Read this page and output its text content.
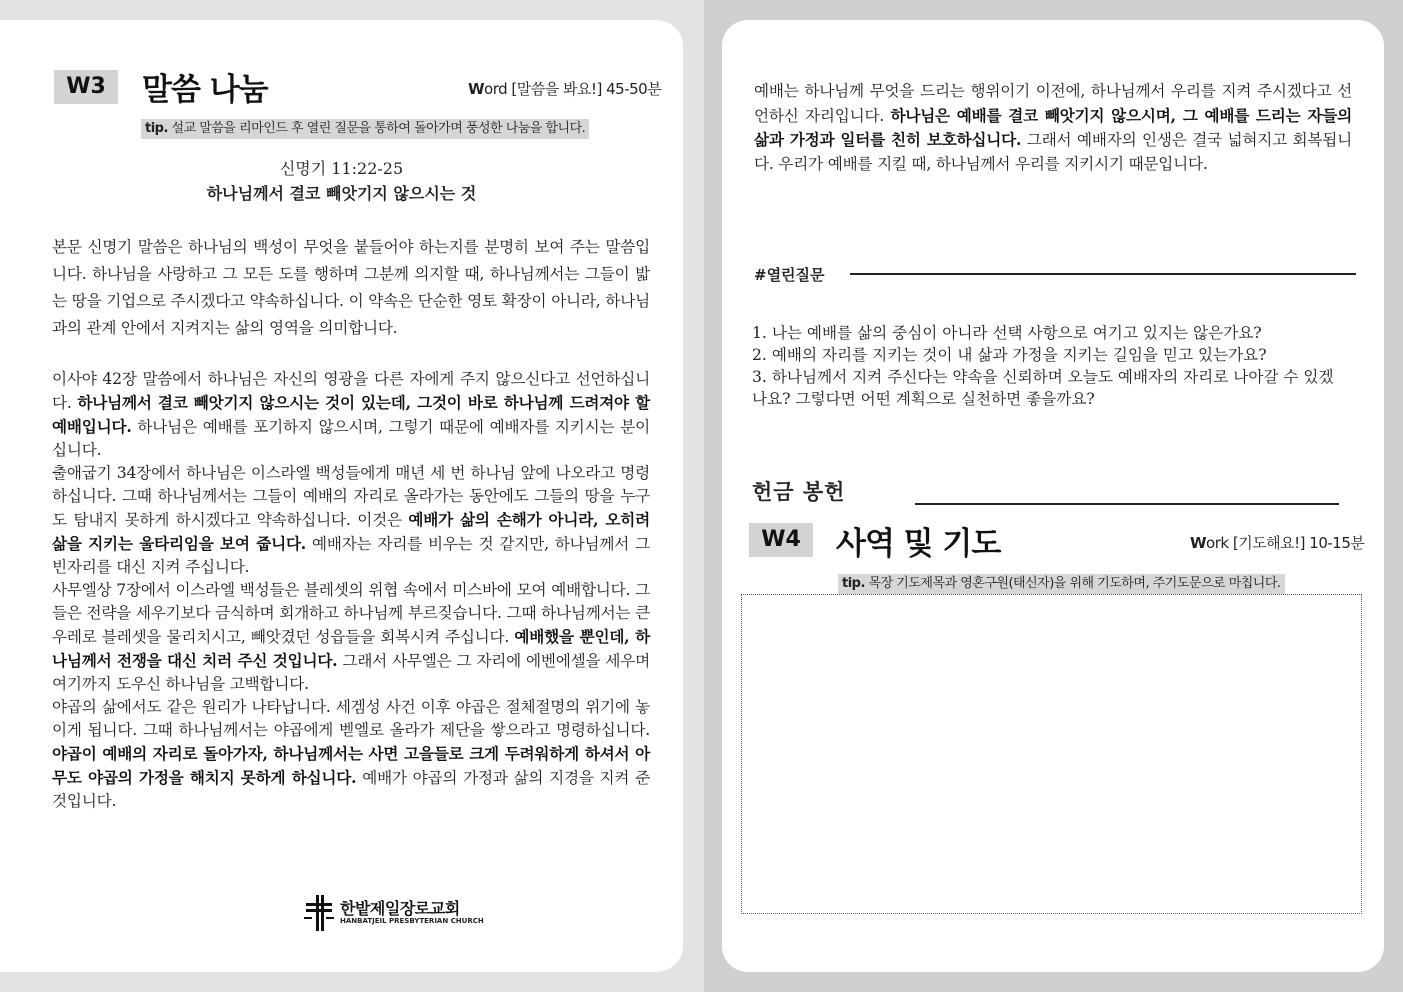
W3	말씀 나눔	Word [말씀을 봐요!] 45-50분
tip. 설교 말씀을 리마인드 후 열린 질문을 통하여 돌아가며 풍성한 나눔을 합니다.
신명기 11:22-25
하나님께서 결코 빼앗기지 않으시는 것

본문 신명기 말씀은 하나님의 백성이 무엇을 붙들어야 하는지를 분명히 보여 주는 말씀입니다. 하나님을 사랑하고 그 모든 도를 행하며 그분께 의지할 때, 하나님께서는 그들이 밟는 땅을 기업으로 주시겠다고 약속하십니다. 이 약속은 단순한 영토 확장이 아니라, 하나님과의 관계 안에서 지켜지는 삶의 영역을 의미합니다.

이사야 42장 말씀에서 하나님은 자신의 영광을 다른 자에게 주지 않으신다고 선언하십니다. 하나님께서 결코 빼앗기지 않으시는 것이 있는데, 그것이 바로 하나님께 드려져야 할 예배입니다. 하나님은 예배를 포기하지 않으시며, 그렇기 때문에 예배자를 지키시는 분이십니다.

출애굽기 34장에서 하나님은 이스라엘 백성들에게 매년 세 번 하나님 앞에 나오라고 명령하십니다. 그때 하나님께서는 그들이 예배의 자리로 올라가는 동안에도 그들의 땅을 누구도 탐내지 못하게 하시겠다고 약속하십니다. 이것은 예배가 삶의 손해가 아니라, 오히려 삶을 지키는 울타리임을 보여 줍니다. 예배자는 자리를 비우는 것 같지만, 하나님께서 그 빈자리를 대신 지켜 주십니다.

사무엘상 7장에서 이스라엘 백성들은 블레셋의 위협 속에서 미스바에 모여 예배합니다. 그들은 전략을 세우기보다 금식하며 회개하고 하나님께 부르짖습니다. 그때 하나님께서는 큰 우레로 블레셋을 물리치시고, 빼앗겼던 성읍들을 회복시켜 주십니다. 예배했을 뿐인데, 하나님께서 전쟁을 대신 치러 주신 것입니다. 그래서 사무엘은 그 자리에 에벤에셀을 세우며 여기까지 도우신 하나님을 고백합니다.

야곱의 삶에서도 같은 원리가 나타납니다. 세겜성 사건 이후 야곱은 절체절명의 위기에 놓이게 됩니다. 그때 하나님께서는 야곱에게 벧엘로 올라가 제단을 쌓으라고 명령하십니다. 야곱이 예배의 자리로 돌아가자, 하나님께서는 사면 고을들로 크게 두려워하게 하셔서 아무도 야곱의 가정을 해치지 못하게 하십니다. 예배가 야곱의 가정과 삶의 지경을 지켜 준 것입니다.

한밭제일장로교회
HANBATJEIL PRESBYTERIAN CHURCH

예배는 하나님께 무엇을 드리는 행위이기 이전에, 하나님께서 우리를 지켜 주시겠다고 선언하신 자리입니다. 하나님은 예배를 결코 빼앗기지 않으시며, 그 예배를 드리는 자들의 삶과 가정과 일터를 친히 보호하십니다. 그래서 예배자의 인생은 결국 넓혀지고 회복됩니다. 우리가 예배를 지킬 때, 하나님께서 우리를 지키시기 때문입니다.

#열린질문
1. 나는 예배를 삶의 중심이 아니라 선택 사항으로 여기고 있지는 않은가요?
2. 예배의 자리를 지키는 것이 내 삶과 가정을 지키는 길임을 믿고 있는가요?
3. 하나님께서 지켜 주신다는 약속을 신뢰하며 오늘도 예배자의 자리로 나아갈 수 있겠나요? 그렇다면 어떤 계획으로 실천하면 좋을까요?
헌금 봉헌
W4	사역 및 기도	Work [기도해요!] 10-15분
tip. 목장 기도제목과 영혼구원(태신자)을 위해 기도하며, 주기도문으로 마칩니다.
